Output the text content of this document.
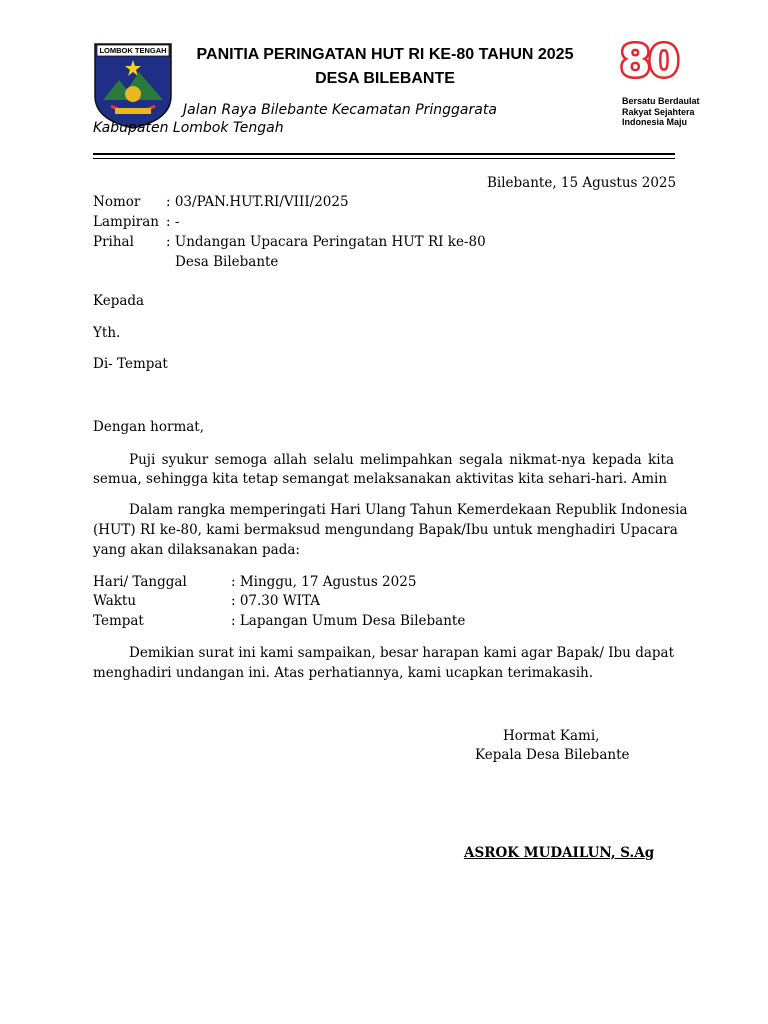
LOMBOK TENGAH	PANITIA PERINGATAN HUT RI KE-80 TAHUN 2025
DESA BILEBANTE
Jalan Raya Bilebante Kecamatan Pringgarata
Kabupaten Lombok Tengah
80
Bersatu Berdaulat
Rakyat Sejahtera
Indonesia Maju
Bilebante, 15 Agustus 2025
Nomor : 03/PAN.HUT.RI/VIII/2025
Lampiran : -
Prihal : Undangan Upacara Peringatan HUT RI ke-80
Desa Bilebante
Kepada
Yth.
Di- Tempat
Dengan hormat,
Puji syukur semoga allah selalu melimpahkan segala nikmat-nya kepada kita
semua, sehingga kita tetap semangat melaksanakan aktivitas kita sehari-hari. Amin
Dalam rangka memperingati Hari Ulang Tahun Kemerdekaan Republik Indonesia
(HUT) RI ke-80, kami bermaksud mengundang Bapak/Ibu untuk menghadiri Upacara
yang akan dilaksanakan pada:
Hari/ Tanggal	: Minggu, 17 Agustus 2025
Waktu	: 07.30 WITA
Tempat	: Lapangan Umum Desa Bilebante
Demikian surat ini kami sampaikan, besar harapan kami agar Bapak/ Ibu dapat
menghadiri undangan ini. Atas perhatiannya, kami ucapkan terimakasih.
Hormat Kami,
Kepala Desa Bilebante
ASROK MUDAILUN, S.Ag
